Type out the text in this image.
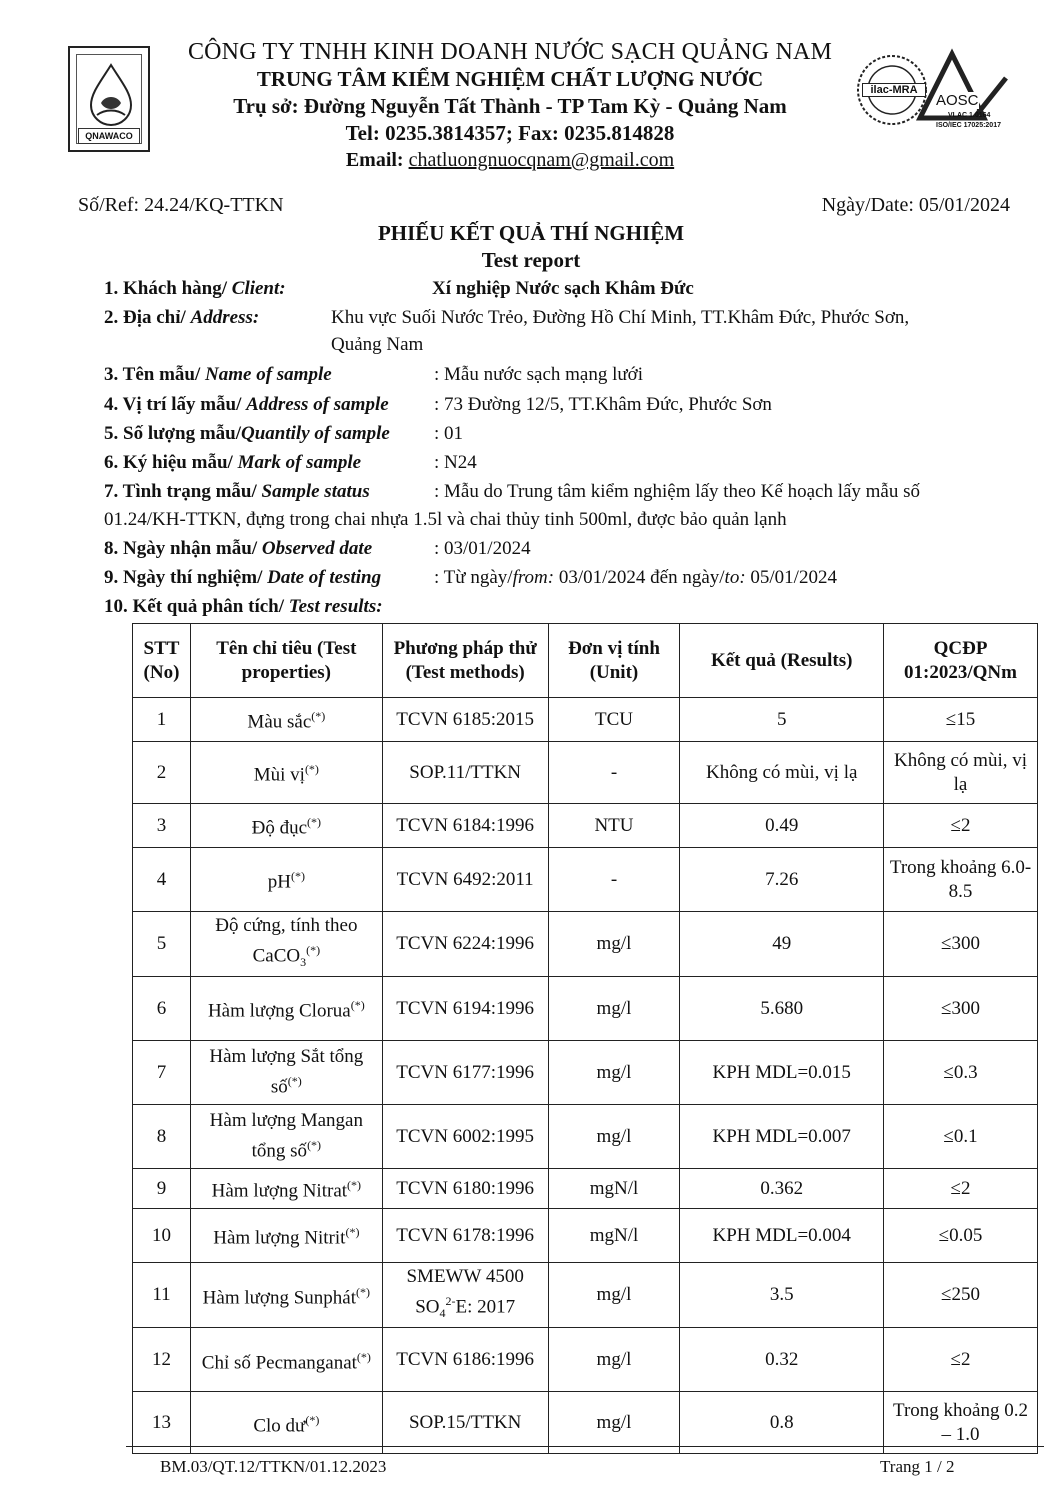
QNAWACO
CÔNG TY TNHH KINH DOANH NƯỚC SẠCH QUẢNG NAM
TRUNG TÂM KIỂM NGHIỆM CHẤT LƯỢNG NƯỚC
Trụ sở: Đường Nguyễn Tất Thành - TP Tam Kỳ - Quảng Nam
Tel: 0235.3814357; Fax: 0235.814828
Email: chatluongnuocqnam@gmail.com
ilac-MRA
AOSC
VLAC 1.0164
ISO/IEC 17025:2017
Số/Ref: 24.24/KQ-TTKN	Ngày/Date: 05/01/2024
PHIẾU KẾT QUẢ THÍ NGHIỆM
Test report
1. Khách hàng/ Client:	Xí nghiệp Nước sạch Khâm Đức
2. Địa chỉ/ Address:	Khu vực Suối Nước Trẻo, Đường Hồ Chí Minh, TT.Khâm Đức, Phước Sơn,
Quảng Nam
3. Tên mẫu/ Name of sample	: Mẫu nước sạch mạng lưới
4. Vị trí lấy mẫu/ Address of sample : 73 Đường 12/5, TT.Khâm Đức, Phước Sơn
5. Số lượng mẫu/Quantily of sample : 01
6. Ký hiệu mẫu/ Mark of sample	: N24
7. Tình trạng mẫu/ Sample status	: Mẫu do Trung tâm kiểm nghiệm lấy theo Kế hoạch lấy mẫu số
01.24/KH-TTKN, đựng trong chai nhựa 1.5l và chai thủy tinh 500ml, được bảo quản lạnh
8. Ngày nhận mẫu/ Observed date	: 03/01/2024
9. Ngày thí nghiệm/ Date of testing	: Từ ngày/from: 03/01/2024 đến ngày/to: 05/01/2024
10. Kết quả phân tích/ Test results:
STT (No)	Tên chỉ tiêu (Test properties)	Phương pháp thử (Test methods)	Đơn vị tính (Unit)	Kết quả (Results)	QCĐP 01:2023/QNm
1	Màu sắc(*)	TCVN 6185:2015	TCU	5	≤15
2	Mùi vị(*)	SOP.11/TTKN	-	Không có mùi, vị lạ	Không có mùi, vị lạ
3	Độ đục(*)	TCVN 6184:1996	NTU	0.49	≤2
4	pH(*)	TCVN 6492:2011	-	7.26	Trong khoảng 6.0-8.5
5	Độ cứng, tính theo CaCO$_3$(*)	TCVN 6224:1996	mg/l	49	≤300
6	Hàm lượng Clorua(*)	TCVN 6194:1996	mg/l	5.680	≤300
7	Hàm lượng Sắt tổng số(*)	TCVN 6177:1996	mg/l	KPH MDL=0.015	≤0.3
8	Hàm lượng Mangan tổng số(*)	TCVN 6002:1995	mg/l	KPH MDL=0.007	≤0.1
9	Hàm lượng Nitrat(*)	TCVN 6180:1996	mgN/l	0.362	≤2
10	Hàm lượng Nitrit(*)	TCVN 6178:1996	mgN/l	KPH MDL=0.004	≤0.05
11	Hàm lượng Sunphát(*)	SMEWW 4500 $SO_4^{2-}E$: 2017	mg/l	3.5	≤250
12	Chỉ số Pecmanganat(*)	TCVN 6186:1996	mg/l	0.32	≤2
13	Clo dư(*)	SOP.15/TTKN	mg/l	0.8	Trong khoảng 0.2 – 1.0
BM.03/QT.12/TTKN/01.12.2023	Trang 1 / 2
